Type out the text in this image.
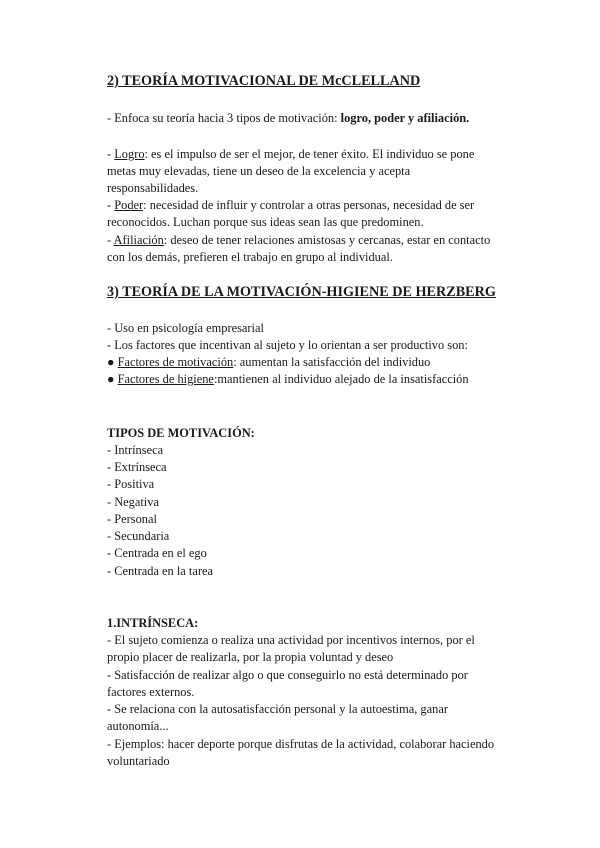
2) TEORÍA MOTIVACIONAL DE McCLELLAND
- Enfoca su teoría hacia 3 tipos de motivación: logro, poder y afiliación.
- Logro: es el impulso de ser el mejor, de tener éxito. El individuo se pone
metas muy elevadas, tiene un deseo de la excelencia y acepta
responsabilidades.
- Poder: necesidad de influir y controlar a otras personas, necesidad de ser
reconocidos. Luchan porque sus ideas sean las que predominen.
- Afiliación: deseo de tener relaciones amistosas y cercanas, estar en contacto
con los demás, prefieren el trabajo en grupo al individual.
3) TEORÍA DE LA MOTIVACIÓN-HIGIENE DE HERZBERG
- Uso en psicología empresarial
- Los factores que incentivan al sujeto y lo orientan a ser productivo son:
● Factores de motivación: aumentan la satisfacción del individuo
● Factores de higiene:mantienen al individuo alejado de la insatisfacción
TIPOS DE MOTIVACIÓN:
- Intrínseca
- Extrínseca
- Positiva
- Negativa
- Personal
- Secundaria
- Centrada en el ego
- Centrada en la tarea
1.INTRÍNSECA:
- El sujeto comienza o realiza una actividad por incentivos internos, por el
propio placer de realizarla, por la propia voluntad y deseo
- Satisfacción de realizar algo o que conseguirlo no está determinado por
factores externos.
- Se relaciona con la autosatisfacción personal y la autoestima, ganar
autonomía...
- Ejemplos: hacer deporte porque disfrutas de la actividad, colaborar haciendo
voluntariado
